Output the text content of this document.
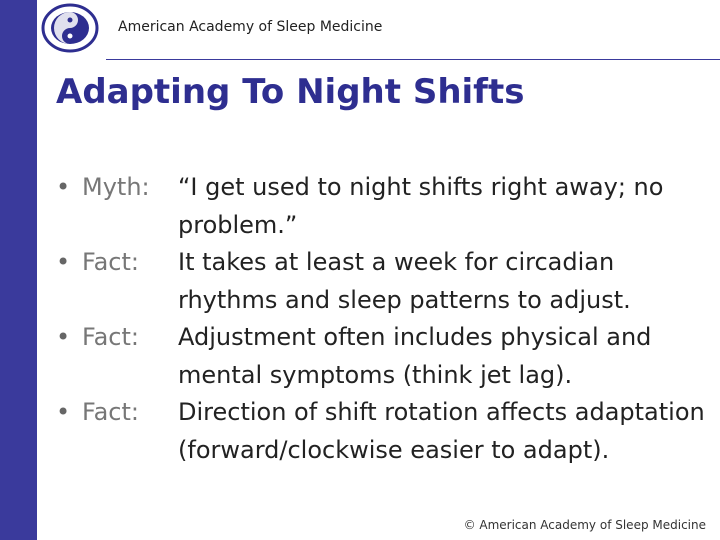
American Academy of Sleep Medicine
Adapting To Night Shifts
• Myth: “I get used to night shifts right away; no problem.”
• Fact: It takes at least a week for circadian rhythms and sleep patterns to adjust.
• Fact: Adjustment often includes physical and mental symptoms (think jet lag).
• Fact: Direction of shift rotation affects adaptation (forward/clockwise easier to adapt).
© American Academy of Sleep Medicine
